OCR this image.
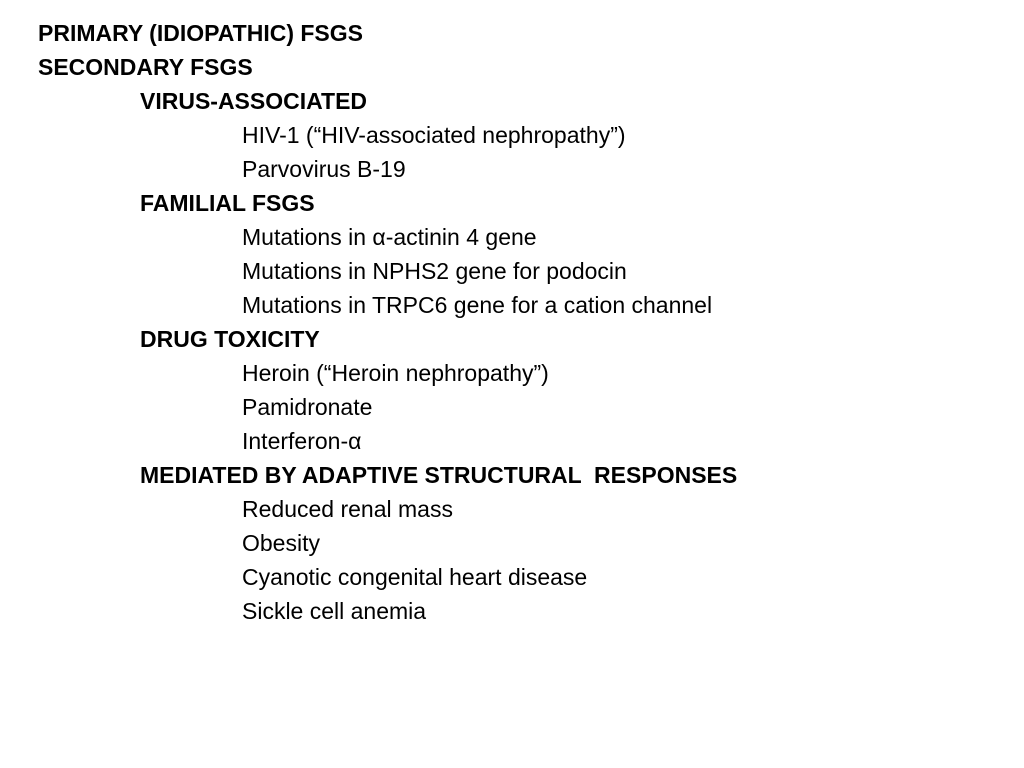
PRIMARY (IDIOPATHIC) FSGS
SECONDARY FSGS
VIRUS-ASSOCIATED
HIV-1 (“HIV-associated nephropathy”)
Parvovirus B-19
FAMILIAL FSGS
Mutations in α-actinin 4 gene
Mutations in NPHS2 gene for podocin
Mutations in TRPC6 gene for a cation channel
DRUG TOXICITY
Heroin (“Heroin nephropathy”)
Pamidronate
Interferon-α
MEDIATED BY ADAPTIVE STRUCTURAL  RESPONSES
Reduced renal mass
Obesity
Cyanotic congenital heart disease
Sickle cell anemia
